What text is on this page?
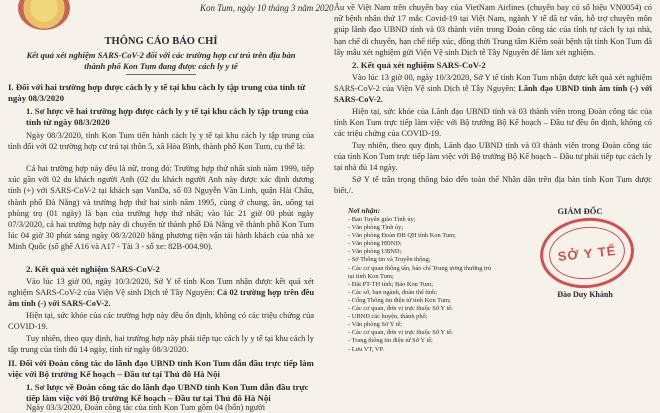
Kon Tum, ngày 10 tháng 3 năm 2020
THÔNG CÁO BÁO CHÍ
Kết quả xét nghiệm SARS-CoV-2 đối với các trường hợp cư trú trên địa bàn thành phố Kon Tum đang được cách ly y tế

I. Đối với hai trường hợp được cách ly y tế tại khu cách ly tập trung của tỉnh từ ngày 08/3/2020

1. Sơ lược về hai trường hợp được cách ly y tế tại khu cách ly tập trung của tỉnh từ ngày 08/3/2020

Ngày 08/3/2020, tỉnh Kon Tum tiến hành cách ly y tế tại khu cách ly tập trung của tỉnh đối với 02 trường hợp cư trú tại thôn 5, xã Hòa Bình, thành phố Kon Tum, cụ thể là:

Cả hai trường hợp này đều là nữ, trong đó: Trường hợp thứ nhất sinh năm 1999, tiếp xúc gần với 02 du khách người Anh (02 du khách người Anh này được xác định dương tính (+) với SARS-CoV-2 tại khách sạn VanDa, số 03 Nguyễn Văn Linh, quận Hải Châu, thành phố Đà Nẵng) và trường hợp thứ hai sinh năm 1995, cùng ở chung, ăn, uống tại phòng trọ (01 ngày) là bạn của trường hợp thứ nhất; vào lúc 21 giờ 00 phút ngày 07/3/2020, cả hai trường hợp này di chuyển từ thành phố Đà Nẵng về thành phố Kon Tum lúc 04 giờ 30 phút sáng ngày 08/3/2020 bằng phương tiện vận tải hành khách của nhà xe Minh Quốc (số ghế A16 và A17 - Tài 3 - số xe: 82B-004.90).

2. Kết quả xét nghiệm SARS-CoV-2

Vào lúc 13 giờ 00, ngày 10/3/2020, Sở Y tế tỉnh Kon Tum nhận được kết quả xét nghiệm SARS-CoV-2 của Viện Vệ sinh Dịch tễ Tây Nguyên: Cả 02 trường hợp trên đều âm tính (-) với SARS-CoV-2.

Hiện tại, sức khỏe của các trường hợp này đều ổn định, không có các triệu chứng của COVID-19.

Tuy nhiên, theo quy định, hai trường hợp này phải tiếp tục cách ly y tế tại khu cách ly tập trung của tỉnh đủ 14 ngày, tính từ ngày 08/3/2020.

II. Đối với Đoàn công tác do lãnh đạo UBND tỉnh Kon Tum dẫn đầu trực tiếp làm việc với Bộ trưởng Kế hoạch – Đầu tư tại Thủ đô Hà Nội

1. Sơ lược về Đoàn công tác do lãnh đạo UBND tỉnh Kon Tum dẫn đầu trực tiếp làm việc với Bộ trưởng Kế hoạch – Đầu tư tại Thủ đô Hà Nội

Ngày 03/3/2020, Đoàn công tác của tỉnh Kon Tum gồm 04 (bốn) người

Âu về Việt Nam trên chuyến bay của VietNam Airlines (chuyến bay có số hiệu VN0054) có nữ bệnh nhân thứ 17 mắc Covid-19 tại Việt Nam, ngành Y tế đã tư vấn, hỗ trợ chuyên môn giúp lãnh đạo UBND tỉnh và 03 thành viên trong Đoàn công tác của tỉnh tự cách ly tại nhà, hạn chế di chuyển, hạn chế tiếp xúc, đồng thời Trung tâm Kiểm soát bệnh tật tỉnh Kon Tum đã lấy mẫu xét nghiệm gửi Viện Vệ sinh Dịch tễ Tây Nguyên để làm xét nghiệm.

2. Kết quả xét nghiệm SARS-CoV-2

Vào lúc 13 giờ 00, ngày 10/3/2020, Sở Y tế tỉnh Kon Tum nhận được kết quả xét nghiệm SARS-CoV-2 của Viện Vệ sinh Dịch tễ Tây Nguyên: Lãnh đạo UBND tỉnh âm tính (-) với SARS-CoV-2.

Hiện tại, sức khỏe của Lãnh đạo UBND tỉnh và 03 thành viên trong Đoàn công tác của tỉnh Kon Tum trực tiếp làm việc với Bộ trưởng Bộ Kế hoạch – Đầu tư đều ổn định, không có các triệu chứng của COVID-19.

Tuy nhiên, theo quy định, Lãnh đạo UBND tỉnh và 03 thành viên trong Đoàn công tác của tỉnh Kon Tum trực tiếp làm việc với Bộ trưởng Bộ Kế hoạch – Đầu tư phải tiếp tục cách ly tại nhà đủ 14 ngày.

Sở Y tế trân trọng thông báo đến toàn thể Nhân dân trên địa bàn tỉnh Kon Tum được biết./.

Nơi nhận:
- Ban Tuyên giáo Tỉnh ủy;
- Văn phòng Tỉnh ủy;
- Văn phòng Đoàn ĐB QH tỉnh Kon Tum;
- Văn phòng HĐND;
- Văn phòng UBND;
- Sở Thông tin và Truyền thông;
- Các cơ quan thông tấn, báo chí Trung ương thường trú tại tỉnh Kon Tum;
- Đài PT-TH tỉnh; Báo Kon Tum;
- Các sở, ban ngành, đoàn thể tỉnh;
- Cổng Thông tin điện tử tỉnh Kon Tum;
- Các cơ quan, đơn vị trực thuộc Sở Y tế;
- UBND các huyện, thành phố;
- Văn phòng Sở Y tế;
- Các cơ quan, đơn vị trực thuộc Sở Y tế;
- Trang thông tin điện tử Sở Y tế;
- Lưu VT, VP.
GIÁM ĐỐC
SỞ Y TẾ
Đào Duy Khánh
